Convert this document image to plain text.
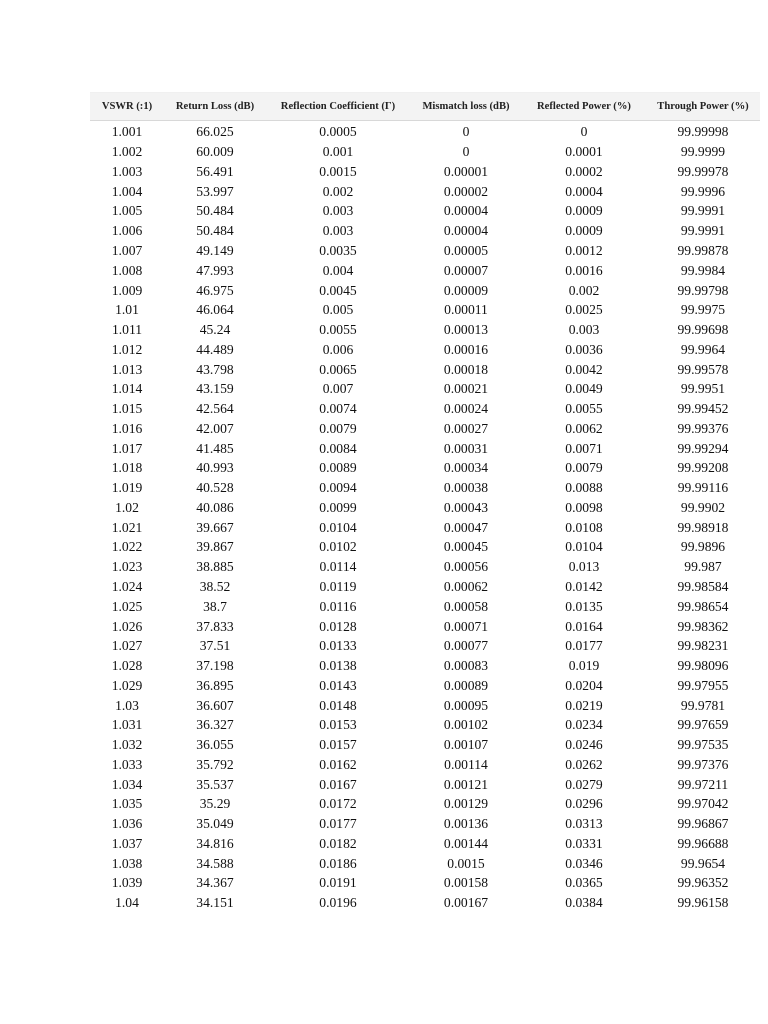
VSWR (:1)	Return Loss (dB)	Reflection Coefficient (Γ)	Mismatch loss (dB)	Reflected Power (%)	Through Power (%)
1.001	66.025	0.0005	0	0	99.99998
1.002	60.009	0.001	0	0.0001	99.9999
1.003	56.491	0.0015	0.00001	0.0002	99.99978
1.004	53.997	0.002	0.00002	0.0004	99.9996
1.005	50.484	0.003	0.00004	0.0009	99.9991
1.006	50.484	0.003	0.00004	0.0009	99.9991
1.007	49.149	0.0035	0.00005	0.0012	99.99878
1.008	47.993	0.004	0.00007	0.0016	99.9984
1.009	46.975	0.0045	0.00009	0.002	99.99798
1.01	46.064	0.005	0.00011	0.0025	99.9975
1.011	45.24	0.0055	0.00013	0.003	99.99698
1.012	44.489	0.006	0.00016	0.0036	99.9964
1.013	43.798	0.0065	0.00018	0.0042	99.99578
1.014	43.159	0.007	0.00021	0.0049	99.9951
1.015	42.564	0.0074	0.00024	0.0055	99.99452
1.016	42.007	0.0079	0.00027	0.0062	99.99376
1.017	41.485	0.0084	0.00031	0.0071	99.99294
1.018	40.993	0.0089	0.00034	0.0079	99.99208
1.019	40.528	0.0094	0.00038	0.0088	99.99116
1.02	40.086	0.0099	0.00043	0.0098	99.9902
1.021	39.667	0.0104	0.00047	0.0108	99.98918
1.022	39.867	0.0102	0.00045	0.0104	99.9896
1.023	38.885	0.0114	0.00056	0.013	99.987
1.024	38.52	0.0119	0.00062	0.0142	99.98584
1.025	38.7	0.0116	0.00058	0.0135	99.98654
1.026	37.833	0.0128	0.00071	0.0164	99.98362
1.027	37.51	0.0133	0.00077	0.0177	99.98231
1.028	37.198	0.0138	0.00083	0.019	99.98096
1.029	36.895	0.0143	0.00089	0.0204	99.97955
1.03	36.607	0.0148	0.00095	0.0219	99.9781
1.031	36.327	0.0153	0.00102	0.0234	99.97659
1.032	36.055	0.0157	0.00107	0.0246	99.97535
1.033	35.792	0.0162	0.00114	0.0262	99.97376
1.034	35.537	0.0167	0.00121	0.0279	99.97211
1.035	35.29	0.0172	0.00129	0.0296	99.97042
1.036	35.049	0.0177	0.00136	0.0313	99.96867
1.037	34.816	0.0182	0.00144	0.0331	99.96688
1.038	34.588	0.0186	0.0015	0.0346	99.9654
1.039	34.367	0.0191	0.00158	0.0365	99.96352
1.04	34.151	0.0196	0.00167	0.0384	99.96158
